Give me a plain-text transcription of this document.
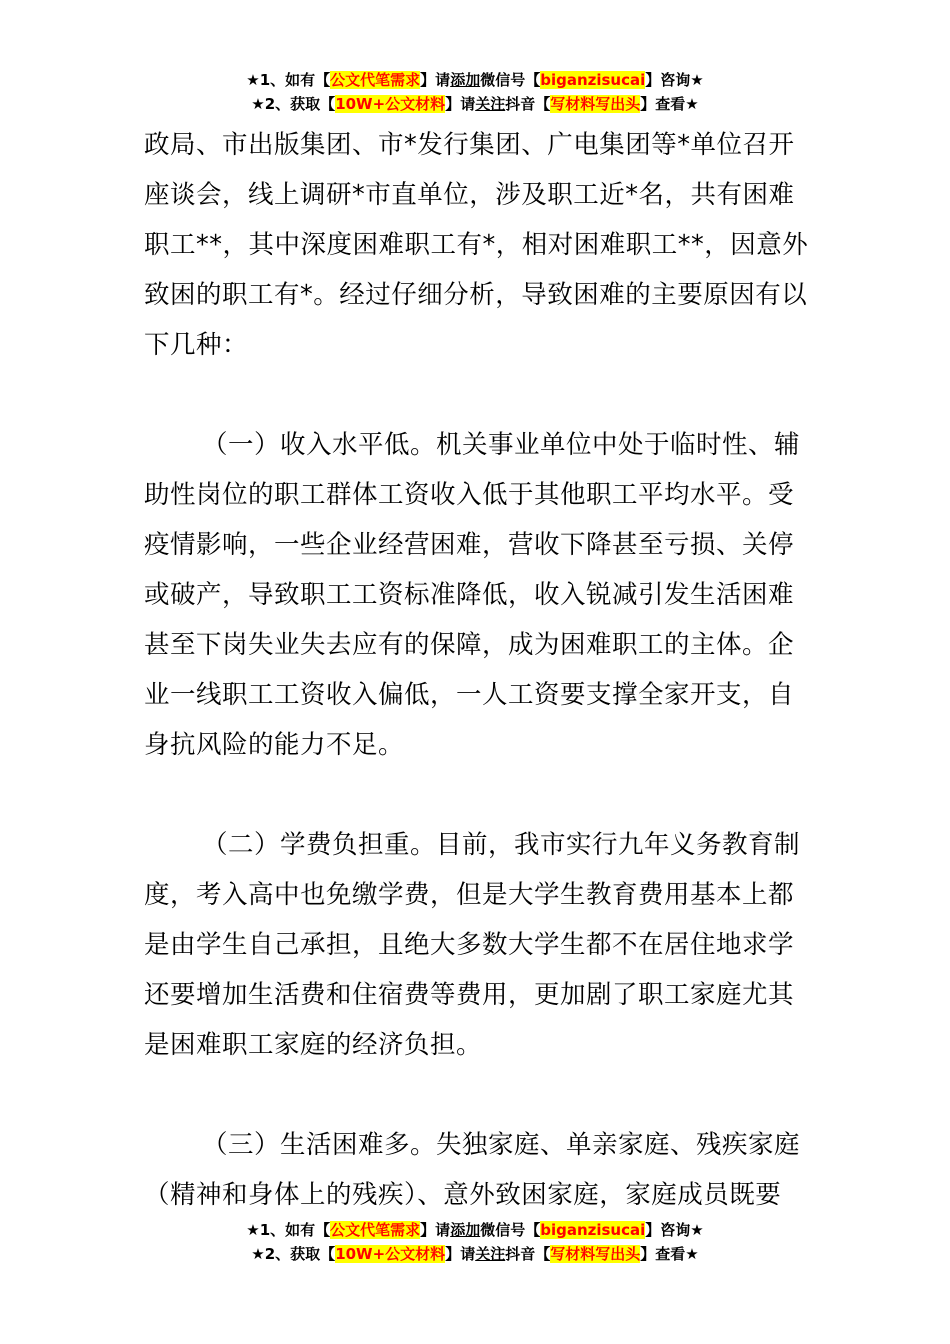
★1、如有【公文代笔需求】请添加微信号【biganzisucai】咨询★
★2、获取【10W+公文材料】请关注抖音【写材料写出头】查看★

政局、市出版集团、市*发行集团、广电集团等*单位召开
座谈会，线上调研*市直单位，涉及职工近*名，共有困难
职工**，其中深度困难职工有*，相对困难职工**，因意外
致困的职工有*。经过仔细分析，导致困难的主要原因有以
下几种：

（一）收入水平低。机关事业单位中处于临时性、辅
助性岗位的职工群体工资收入低于其他职工平均水平。受
疫情影响，一些企业经营困难，营收下降甚至亏损、关停
或破产，导致职工工资标准降低，收入锐减引发生活困难
甚至下岗失业失去应有的保障，成为困难职工的主体。企
业一线职工工资收入偏低，一人工资要支撑全家开支，自
身抗风险的能力不足。

（二）学费负担重。目前，我市实行九年义务教育制
度，考入高中也免缴学费，但是大学生教育费用基本上都
是由学生自己承担，且绝大多数大学生都不在居住地求学
还要增加生活费和住宿费等费用，更加剧了职工家庭尤其
是困难职工家庭的经济负担。

（三）生活困难多。失独家庭、单亲家庭、残疾家庭
（精神和身体上的残疾）、意外致困家庭，家庭成员既要

★1、如有【公文代笔需求】请添加微信号【biganzisucai】咨询★
★2、获取【10W+公文材料】请关注抖音【写材料写出头】查看★
